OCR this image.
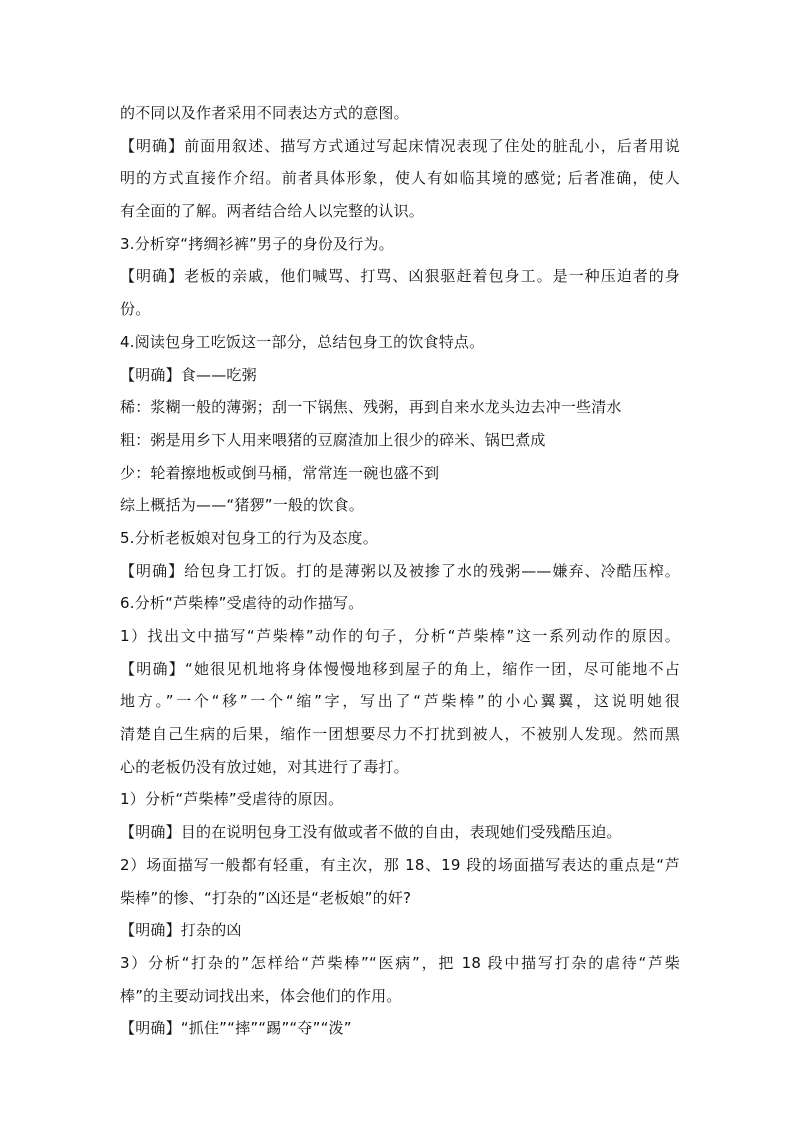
的不同以及作者采用不同表达方式的意图。
【明确】前面用叙述、描写方式通过写起床情况表现了住处的脏乱小，后者用说
明的方式直接作介绍。前者具体形象，使人有如临其境的感觉; 后者准确，使人
有全面的了解。两者结合给人以完整的认识。
3.分析穿“拷绸衫裤”男子的身份及行为。
【明确】老板的亲戚，他们喊骂、打骂、凶狠驱赶着包身工。是一种压迫者的身
份。
4.阅读包身工吃饭这一部分，总结包身工的饮食特点。
【明确】食——吃粥
稀：浆糊一般的薄粥；刮一下锅焦、残粥，再到自来水龙头边去冲一些清水
粗：粥是用乡下人用来喂猪的豆腐渣加上很少的碎米、锅巴煮成
少：轮着擦地板或倒马桶，常常连一碗也盛不到
综上概括为——“猪猡”一般的饮食。
5.分析老板娘对包身工的行为及态度。
【明确】给包身工打饭。打的是薄粥以及被掺了水的残粥——嫌弃、冷酷压榨。
6.分析“芦柴棒”受虐待的动作描写。
1）找出文中描写“芦柴棒”动作的句子，分析“芦柴棒”这一系列动作的原因。
【明确】“她很见机地将身体慢慢地移到屋子的角上，缩作一团，尽可能地不占
地方。”一个“移”一个“缩”字，写出了“芦柴棒”的小心翼翼，这说明她很
清楚自己生病的后果，缩作一团想要尽力不打扰到被人，不被别人发现。然而黑
心的老板仍没有放过她，对其进行了毒打。
1）分析“芦柴棒”受虐待的原因。
【明确】目的在说明包身工没有做或者不做的自由，表现她们受残酷压迫。
2）场面描写一般都有轻重，有主次，那 18、19 段的场面描写表达的重点是“芦
柴棒”的惨、“打杂的”凶还是“老板娘”的奸?
【明确】打杂的凶
3）分析“打杂的”怎样给“芦柴棒”“医病”，把 18 段中描写打杂的虐待“芦柴
棒”的主要动词找出来，体会他们的作用。
【明确】“抓住”“摔”“踢”“夺”“泼”
